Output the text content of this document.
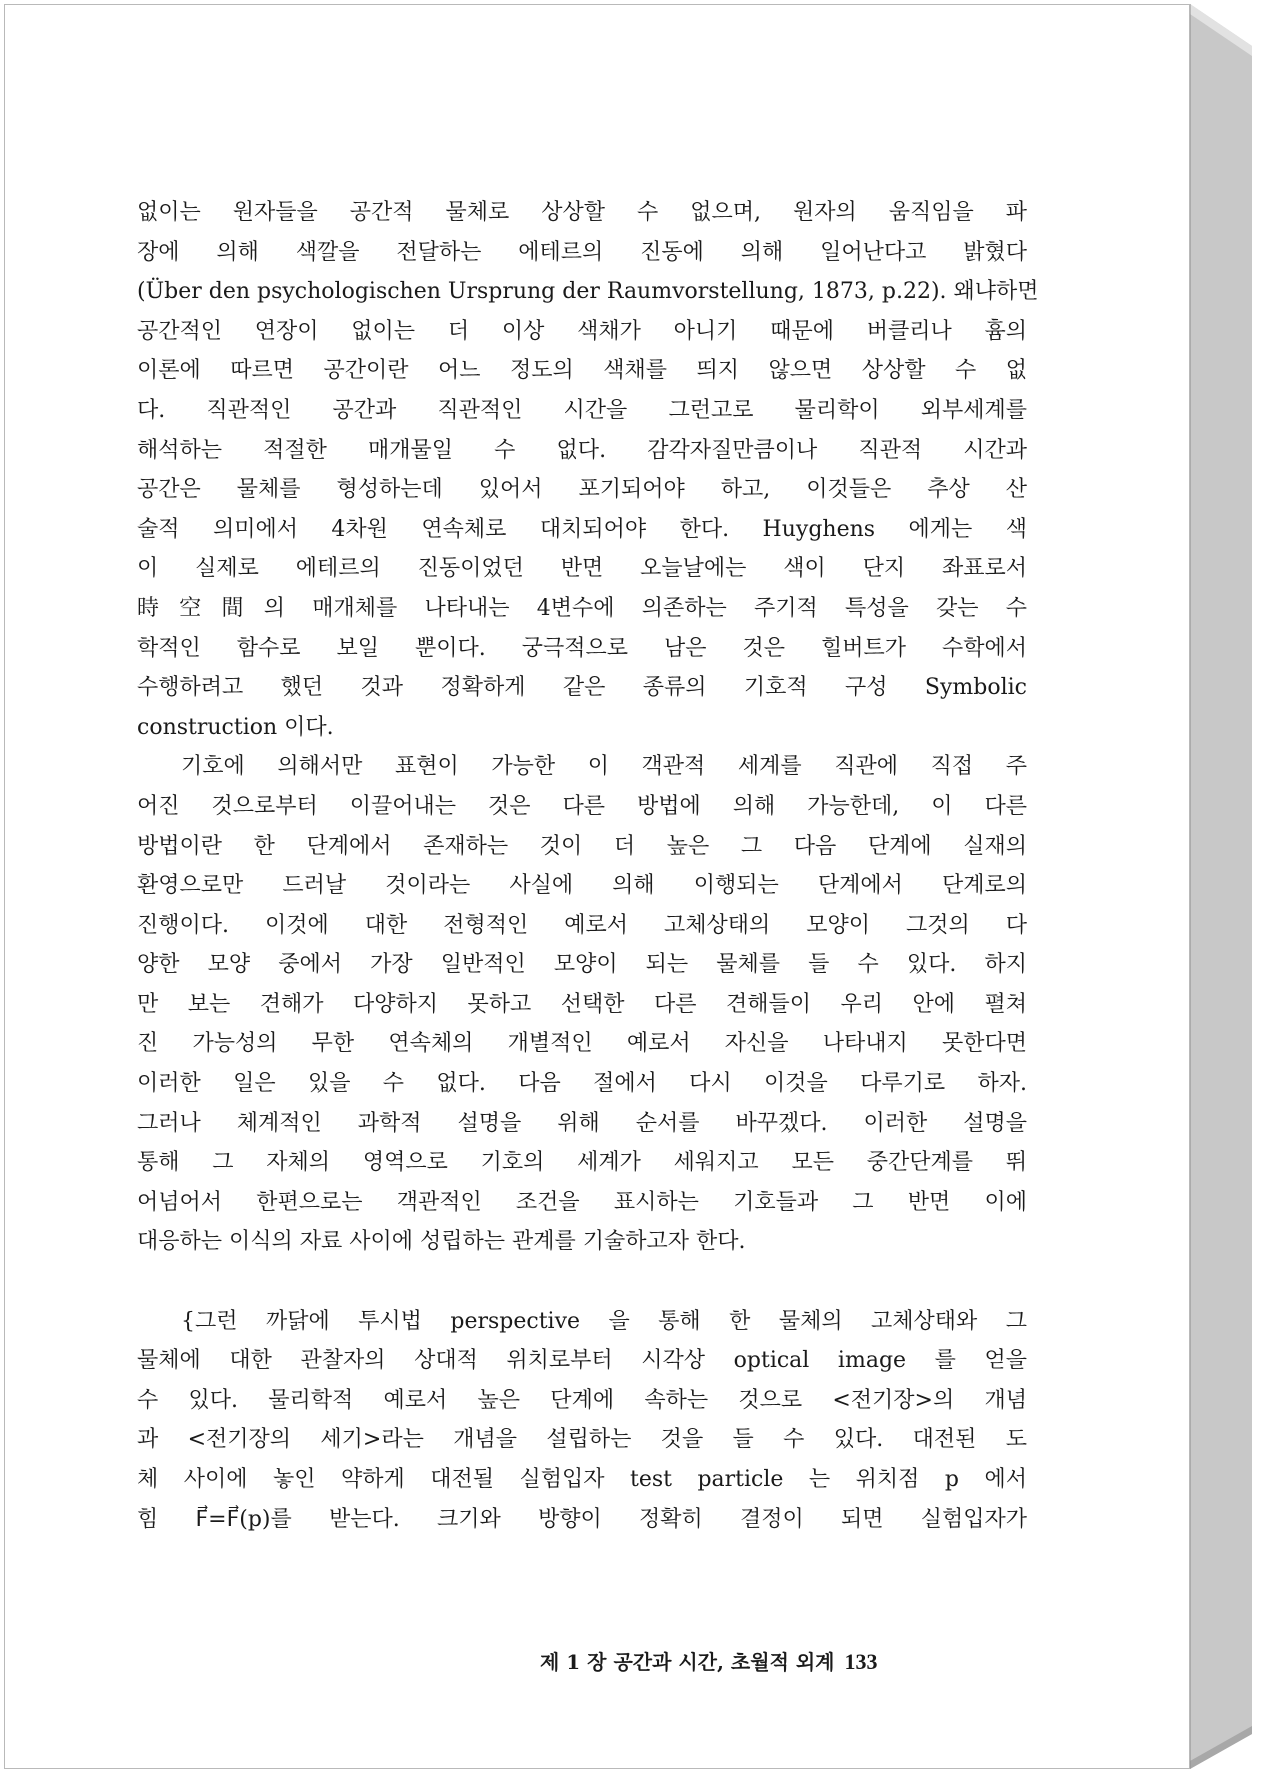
없이는 원자들을 공간적 물체로 상상할 수 없으며, 원자의 움직임을 파
장에 의해 색깔을 전달하는 에테르의 진동에 의해 일어난다고 밝혔다
(Über den psychologischen Ursprung der Raumvorstellung, 1873, p.22). 왜냐하면
공간적인 연장이 없이는 더 이상 색채가 아니기 때문에 버클리나 흄의
이론에 따르면 공간이란 어느 정도의 색채를 띄지 않으면 상상할 수 없
다. 직관적인 공간과 직관적인 시간을 그런고로 물리학이 외부세계를
해석하는 적절한 매개물일 수 없다. 감각자질만큼이나 직관적 시간과
공간은 물체를 형성하는데 있어서 포기되어야 하고, 이것들은 추상 산
술적 의미에서 4차원 연속체로 대치되어야 한다. Huyghens 에게는 색
이 실제로 에테르의 진동이었던 반면 오늘날에는 색이 단지 좌표로서
時空間의 매개체를 나타내는 4변수에 의존하는 주기적 특성을 갖는 수
학적인 함수로 보일 뿐이다. 궁극적으로 남은 것은 힐버트가 수학에서
수행하려고 했던 것과 정확하게 같은 종류의 기호적 구성 Symbolic
construction 이다.
기호에 의해서만 표현이 가능한 이 객관적 세계를 직관에 직접 주
어진 것으로부터 이끌어내는 것은 다른 방법에 의해 가능한데, 이 다른
방법이란 한 단계에서 존재하는 것이 더 높은 그 다음 단계에 실재의
환영으로만 드러날 것이라는 사실에 의해 이행되는 단계에서 단계로의
진행이다. 이것에 대한 전형적인 예로서 고체상태의 모양이 그것의 다
양한 모양 중에서 가장 일반적인 모양이 되는 물체를 들 수 있다. 하지
만 보는 견해가 다양하지 못하고 선택한 다른 견해들이 우리 안에 펼쳐
진 가능성의 무한 연속체의 개별적인 예로서 자신을 나타내지 못한다면
이러한 일은 있을 수 없다. 다음 절에서 다시 이것을 다루기로 하자.
그러나 체계적인 과학적 설명을 위해 순서를 바꾸겠다. 이러한 설명을
통해 그 자체의 영역으로 기호의 세계가 세워지고 모든 중간단계를 뛰
어넘어서 한편으로는 객관적인 조건을 표시하는 기호들과 그 반면 이에
대응하는 이식의 자료 사이에 성립하는 관계를 기술하고자 한다.
{그런 까닭에 투시법 perspective 을 통해 한 물체의 고체상태와 그
물체에 대한 관찰자의 상대적 위치로부터 시각상 optical image 를 얻을
수 있다. 물리학적 예로서 높은 단계에 속하는 것으로 <전기장>의 개념
과 <전기장의 세기>라는 개념을 설립하는 것을 들 수 있다. 대전된 도
체 사이에 놓인 약하게 대전될 실험입자 test particle 는 위치점 p 에서
힘 F⃗=F⃗(p)를 받는다. 크기와 방향이 정확히 결정이 되면 실험입자가
제 1 장 공간과 시간, 초월적 외계 133
